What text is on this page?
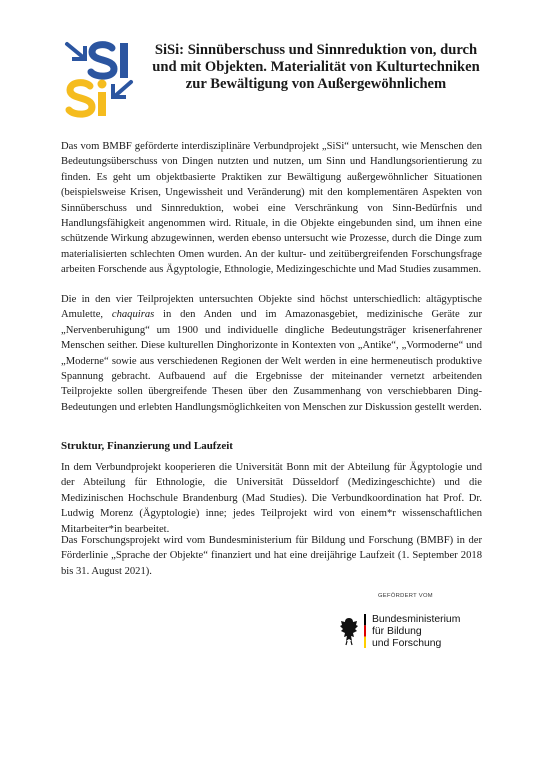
SiSi: Sinnüberschuss und Sinnreduktion von, durch und mit Objekten. Materialität von Kulturtechniken zur Bewältigung von Außergewöhnlichem

Das vom BMBF geförderte interdisziplinäre Verbundprojekt „SiSi“ untersucht, wie Menschen den Bedeutungsüberschuss von Dingen nutzten und nutzen, um Sinn und Handlungsorientierung zu finden. Es geht um objektbasierte Praktiken zur Bewältigung außergewöhnlicher Situationen (beispielsweise Krisen, Ungewissheit und Veränderung) mit den komplementären Aspekten von Sinnüberschuss und Sinnreduktion, wobei eine Verschränkung von Sinn-Bedürfnis und Handlungsfähigkeit angenommen wird. Rituale, in die Objekte eingebunden sind, um ihnen eine schützende Wirkung abzugewinnen, werden ebenso untersucht wie Prozesse, durch die Dinge zum materialisierten schlechten Omen wurden. An der kultur- und zeitübergreifenden Forschungsfrage arbeiten Forschende aus Ägyptologie, Ethnologie, Medizingeschichte und Mad Studies zusammen.

Die in den vier Teilprojekten untersuchten Objekte sind höchst unterschiedlich: altägyptische Amulette, chaquiras in den Anden und im Amazonasgebiet, medizinische Geräte zur „Nervenberuhigung“ um 1900 und individuelle dingliche Bedeutungsträger krisenerfahrener Menschen seither. Diese kulturellen Dinghorizonte in Kontexten von „Antike“, „Vormoderne“ und „Moderne“ sowie aus verschiedenen Regionen der Welt werden in eine hermeneutisch produktive Spannung gebracht. Aufbauend auf die Ergebnisse der miteinander vernetzt arbeitenden Teilprojekte sollen übergreifende Thesen über den Zusammenhang von verschiebbaren Ding-Bedeutungen und erlebten Handlungsmöglichkeiten von Menschen zur Diskussion gestellt werden.

Struktur, Finanzierung und Laufzeit

In dem Verbundprojekt kooperieren die Universität Bonn mit der Abteilung für Ägyptologie und der Abteilung für Ethnologie, die Universität Düsseldorf (Medizingeschichte) und die Medizinischen Hochschule Brandenburg (Mad Studies). Die Verbundkoordination hat Prof. Dr. Ludwig Morenz (Ägyptologie) inne; jedes Teilprojekt wird von einem*r wissenschaftlichen Mitarbeiter*in bearbeitet.

Das Forschungsprojekt wird vom Bundesministerium für Bildung und Forschung (BMBF) in der Förderlinie „Sprache der Objekte“ finanziert und hat eine dreijährige Laufzeit (1. September 2018 bis 31. August 2021).

GEFÖRDERT VOM

Bundesministerium
für Bildung
und Forschung
